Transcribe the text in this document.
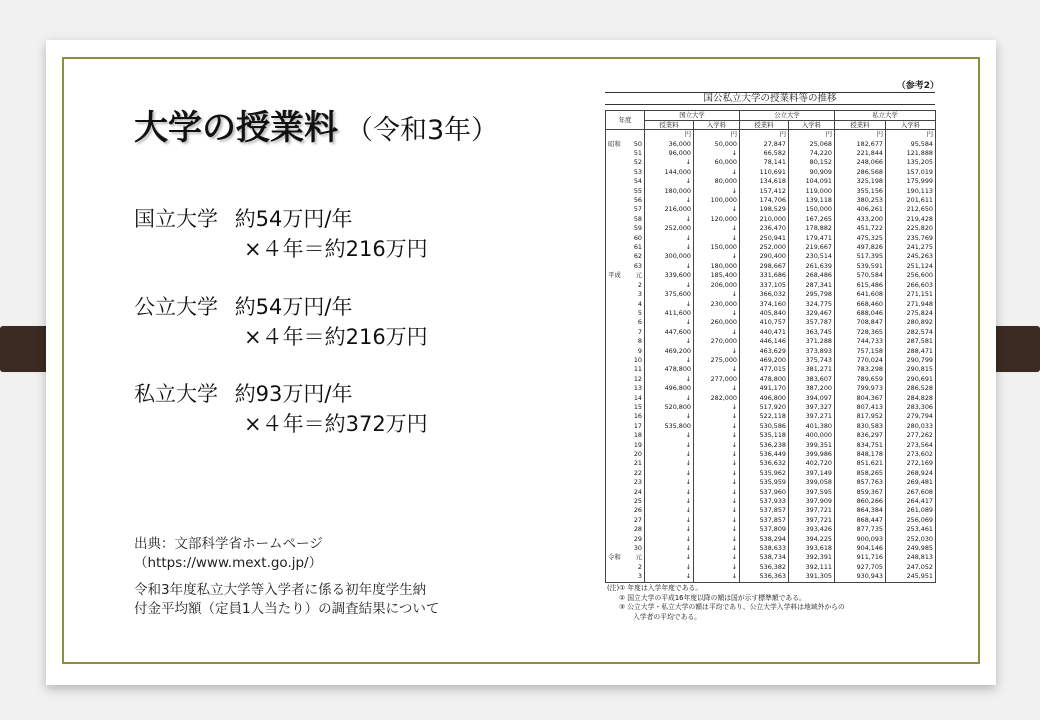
大学の授業料 （令和3年）
国立大学 約54万円/年
×４年＝約216万円
公立大学 約54万円/年
×４年＝約216万円
私立大学 約93万円/年
×４年＝約372万円
出典：文部科学省ホームページ
（https://www.mext.go.jp/）
令和3年度私立大学等入学者に係る初年度学生納
付金平均額（定員1人当たり）の調査結果について
（参考2）
国公私立大学の授業料等の推移
年度		国立大学		公立大学		私立大学	
		授業料	入学料	授業料	入学料	授業料	入学料
		円	円	円	円	円	円
昭和	50	36,000	50,000	27,847	25,068	182,677	95,584
	51	96,000	↓	66,582	74,220	221,844	121,888
	52	↓	60,000	78,141	80,152	248,066	135,205
	53	144,000	↓	110,691	90,909	286,568	157,019
	54	↓	80,000	134,618	104,091	325,198	175,999
	55	180,000	↓	157,412	119,000	355,156	190,113
	56	↓	100,000	174,706	139,118	380,253	201,611
	57	216,000	↓	198,529	150,000	406,261	212,650
	58	↓	120,000	210,000	167,265	433,200	219,428
	59	252,000	↓	236,470	178,882	451,722	225,820
	60	↓	↓	250,941	179,471	475,325	235,769
	61	↓	150,000	252,000	219,667	497,826	241,275
	62	300,000	↓	290,400	230,514	517,395	245,263
	63	↓	180,000	298,667	261,639	539,591	251,124
平成	元	339,600	185,400	331,686	268,486	570,584	256,600
	2	↓	206,000	337,105	287,341	615,486	266,603
	3	375,600	↓	366,032	295,798	641,608	271,151
	4	↓	230,000	374,160	324,775	668,460	271,948
	5	411,600	↓	405,840	329,467	688,046	275,824
	6	↓	260,000	410,757	357,787	708,847	280,892
	7	447,600	↓	440,471	363,745	728,365	282,574
	8	↓	270,000	446,146	371,288	744,733	287,581
	9	469,200	↓	463,629	373,893	757,158	288,471
	10	↓	275,000	469,200	375,743	770,024	290,799
	11	478,800	↓	477,015	381,271	783,298	290,815
	12	↓	277,000	478,800	383,607	789,659	290,691
	13	496,800	↓	491,170	387,200	799,973	286,528
	14	↓	282,000	496,800	394,097	804,367	284,828
	15	520,800	↓	517,920	397,327	807,413	283,306
	16	↓	↓	522,118	397,271	817,952	279,794
	17	535,800	↓	530,586	401,380	830,583	280,033
	18	↓	↓	535,118	400,000	836,297	277,262
	19	↓	↓	536,238	399,351	834,751	273,564
	20	↓	↓	536,449	399,986	848,178	273,602
	21	↓	↓	536,632	402,720	851,621	272,169
	22	↓	↓	535,962	397,149	858,265	268,924
	23	↓	↓	535,959	399,058	857,763	269,481
	24	↓	↓	537,960	397,595	859,367	267,608
	25	↓	↓	537,933	397,909	860,266	264,417
	26	↓	↓	537,857	397,721	864,384	261,089
	27	↓	↓	537,857	397,721	868,447	256,069
	28	↓	↓	537,809	393,426	877,735	253,461
	29	↓	↓	538,294	394,225	900,093	252,030
	30	↓	↓	538,633	393,618	904,146	249,985
令和	元	↓	↓	538,734	392,391	911,716	248,813
	2	↓	↓	536,382	392,111	927,705	247,052
	3	↓	↓	536,363	391,305	930,943	245,951
(注)① 年度は入学年度である。
② 国立大学の平成16年度以降の額は国が示す標準額である。
③ 公立大学・私立大学の額は平均であり、公立大学入学料は地域外からの
入学者の平均である。
